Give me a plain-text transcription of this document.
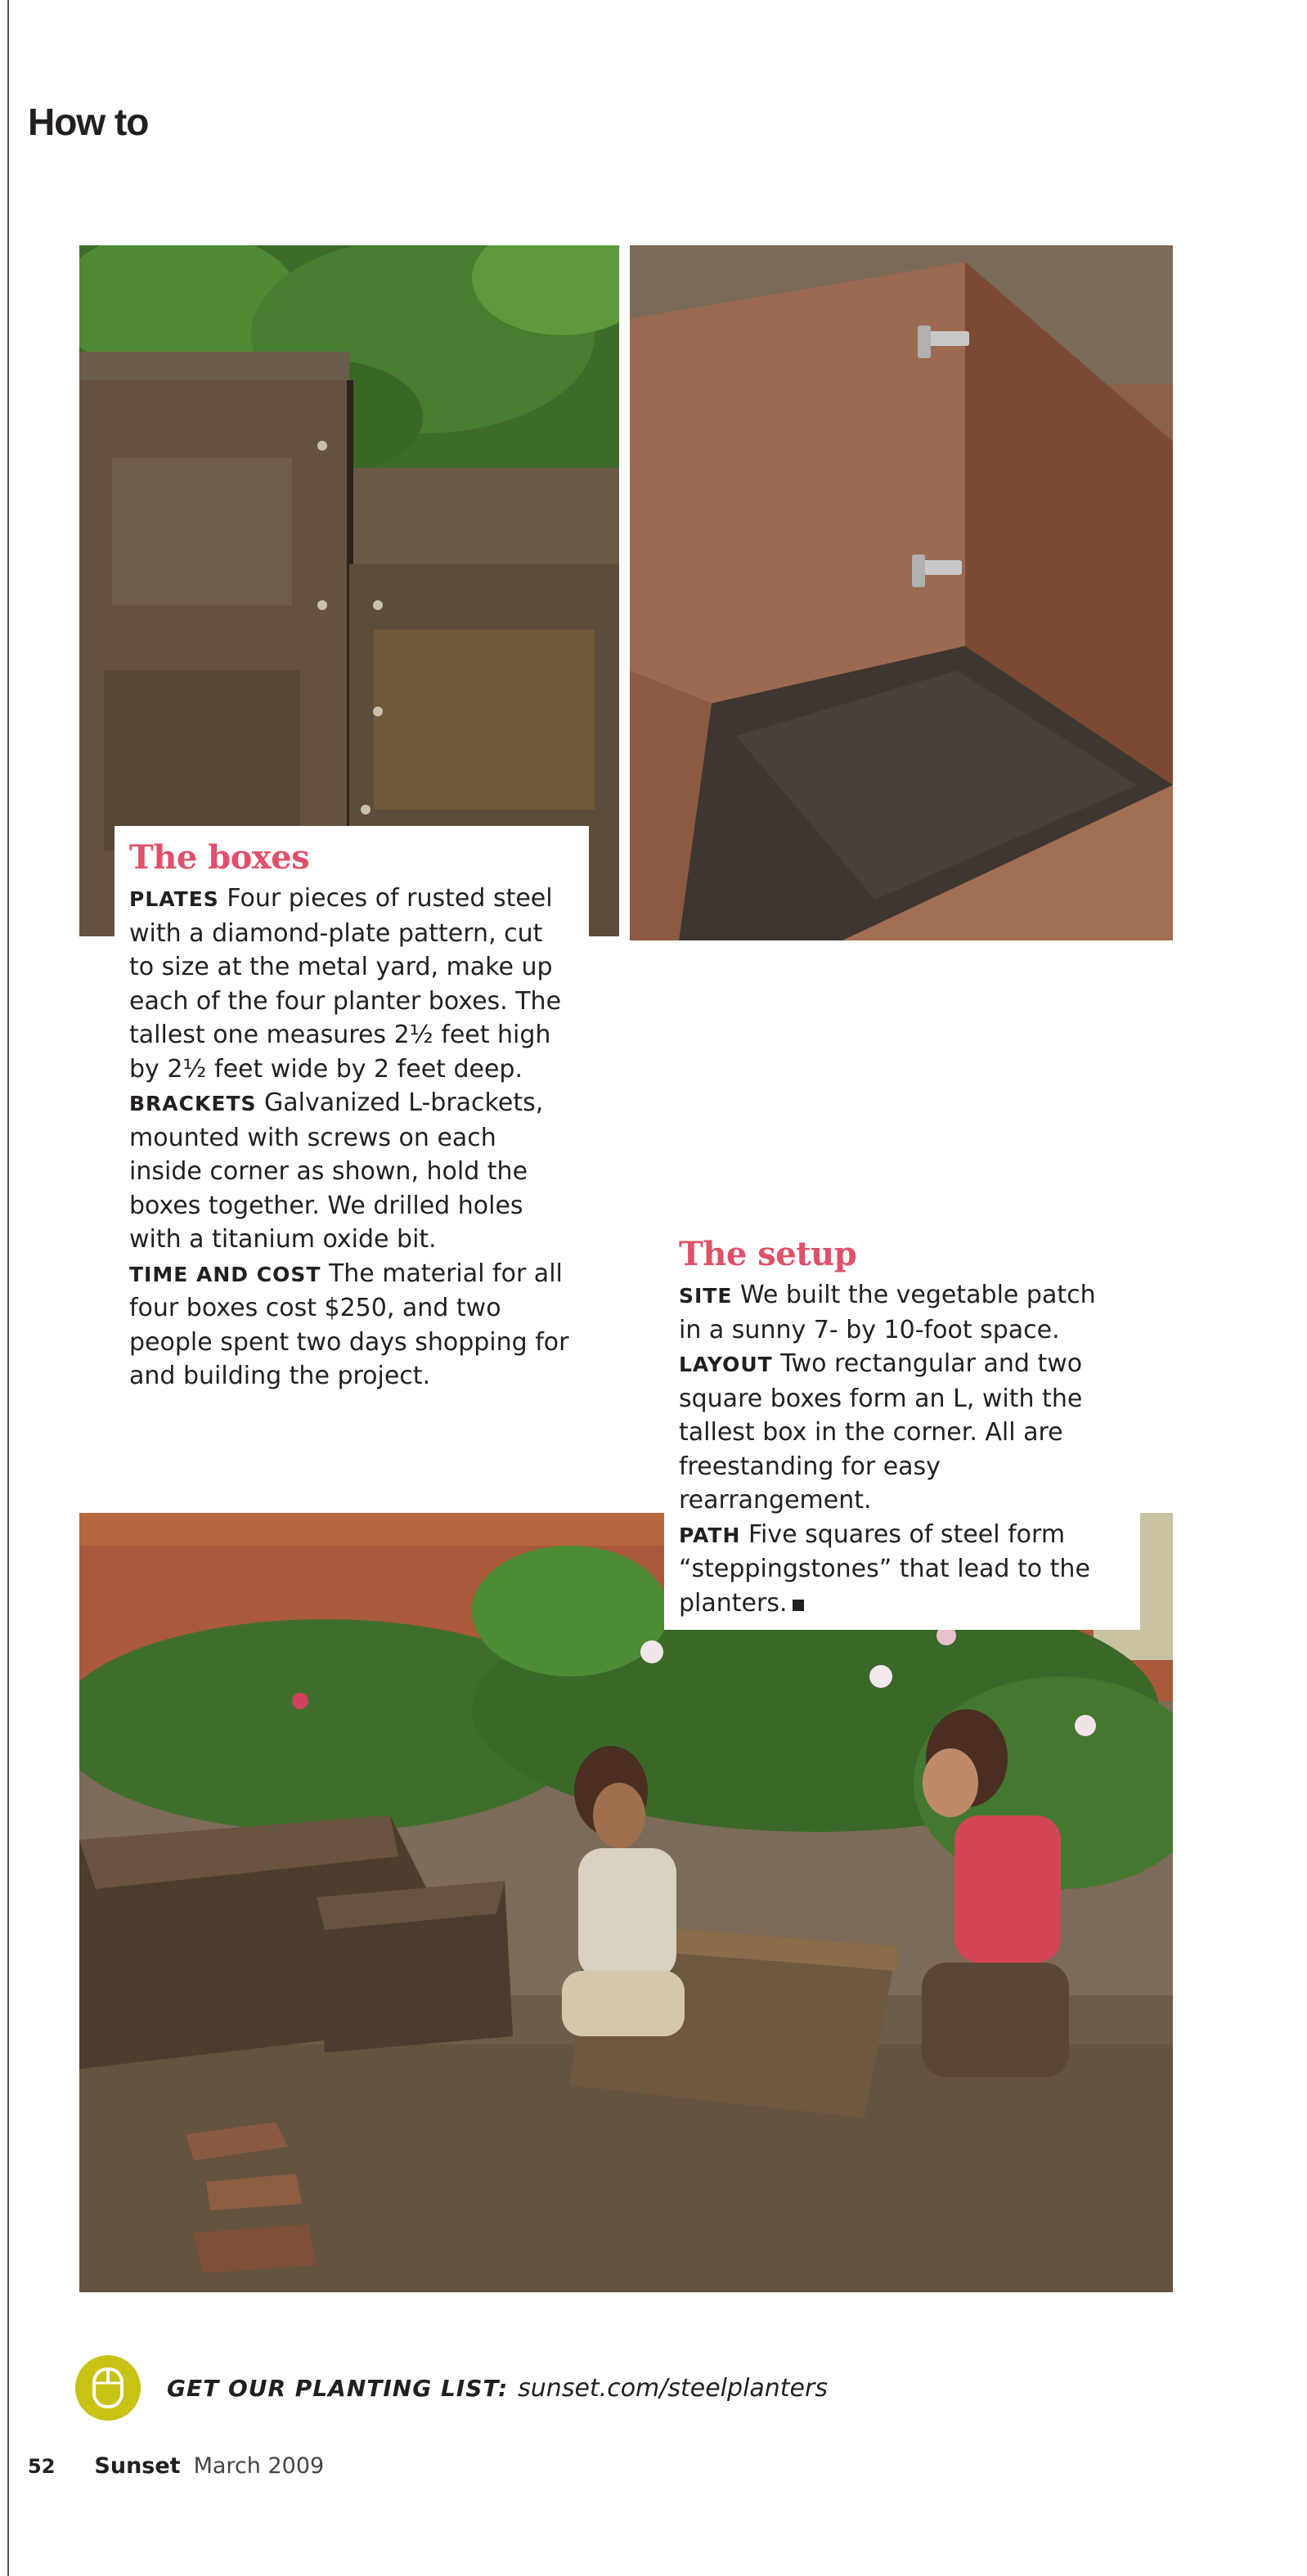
How to
The boxes

PLATES Four pieces of rusted steel with a diamond-plate pattern, cut to size at the metal yard, make up each of the four planter boxes. The tallest one measures 2½ feet high by 2½ feet wide by 2 feet deep.
BRACKETS Galvanized L-brackets, mounted with screws on each inside corner as shown, hold the boxes together. We drilled holes with a titanium oxide bit.
TIME AND COST The material for all four boxes cost $250, and two people spent two days shopping for and building the project.

The setup

SITE We built the vegetable patch in a sunny 7- by 10-foot space.
LAYOUT Two rectangular and two square boxes form an L, with the tallest box in the corner. All are freestanding for easy rearrangement.
PATH Five squares of steel form “steppingstones” that lead to the planters.

GET OUR PLANTING LIST: sunset.com/steelplanters
52 Sunset March 2009
